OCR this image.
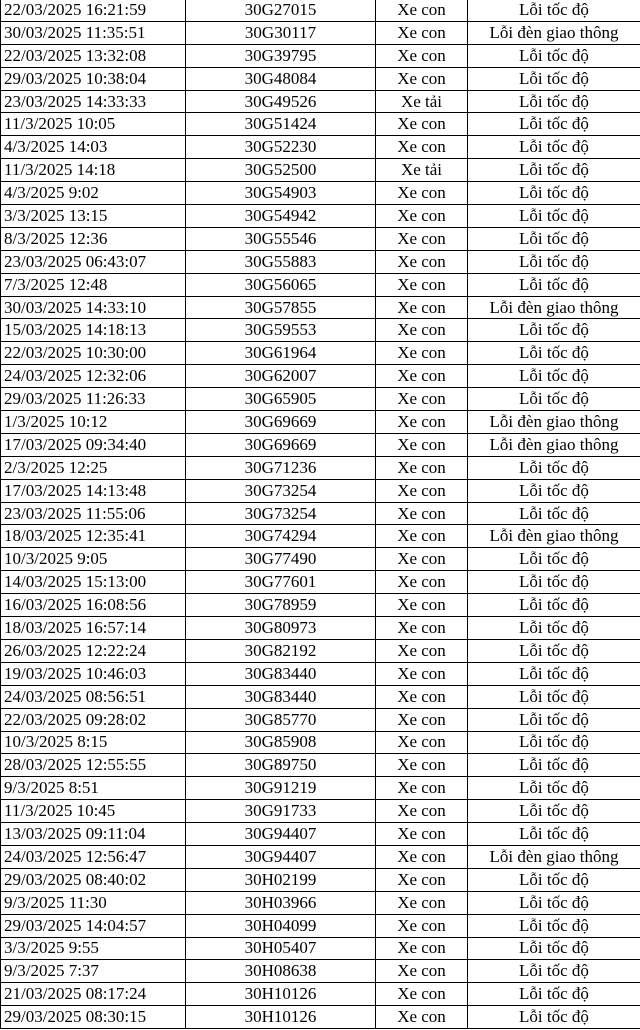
22/03/2025 16:21:59	30G27015	Xe con	Lỗi tốc độ
30/03/2025 11:35:51	30G30117	Xe con	Lỗi đèn giao thông
22/03/2025 13:32:08	30G39795	Xe con	Lỗi tốc độ
29/03/2025 10:38:04	30G48084	Xe con	Lỗi tốc độ
23/03/2025 14:33:33	30G49526	Xe tải	Lỗi tốc độ
11/3/2025 10:05	30G51424	Xe con	Lỗi tốc độ
4/3/2025 14:03	30G52230	Xe con	Lỗi tốc độ
11/3/2025 14:18	30G52500	Xe tải	Lỗi tốc độ
4/3/2025 9:02	30G54903	Xe con	Lỗi tốc độ
3/3/2025 13:15	30G54942	Xe con	Lỗi tốc độ
8/3/2025 12:36	30G55546	Xe con	Lỗi tốc độ
23/03/2025 06:43:07	30G55883	Xe con	Lỗi tốc độ
7/3/2025 12:48	30G56065	Xe con	Lỗi tốc độ
30/03/2025 14:33:10	30G57855	Xe con	Lỗi đèn giao thông
15/03/2025 14:18:13	30G59553	Xe con	Lỗi tốc độ
22/03/2025 10:30:00	30G61964	Xe con	Lỗi tốc độ
24/03/2025 12:32:06	30G62007	Xe con	Lỗi tốc độ
29/03/2025 11:26:33	30G65905	Xe con	Lỗi tốc độ
1/3/2025 10:12	30G69669	Xe con	Lỗi đèn giao thông
17/03/2025 09:34:40	30G69669	Xe con	Lỗi đèn giao thông
2/3/2025 12:25	30G71236	Xe con	Lỗi tốc độ
17/03/2025 14:13:48	30G73254	Xe con	Lỗi tốc độ
23/03/2025 11:55:06	30G73254	Xe con	Lỗi tốc độ
18/03/2025 12:35:41	30G74294	Xe con	Lỗi đèn giao thông
10/3/2025 9:05	30G77490	Xe con	Lỗi tốc độ
14/03/2025 15:13:00	30G77601	Xe con	Lỗi tốc độ
16/03/2025 16:08:56	30G78959	Xe con	Lỗi tốc độ
18/03/2025 16:57:14	30G80973	Xe con	Lỗi tốc độ
26/03/2025 12:22:24	30G82192	Xe con	Lỗi tốc độ
19/03/2025 10:46:03	30G83440	Xe con	Lỗi tốc độ
24/03/2025 08:56:51	30G83440	Xe con	Lỗi tốc độ
22/03/2025 09:28:02	30G85770	Xe con	Lỗi tốc độ
10/3/2025 8:15	30G85908	Xe con	Lỗi tốc độ
28/03/2025 12:55:55	30G89750	Xe con	Lỗi tốc độ
9/3/2025 8:51	30G91219	Xe con	Lỗi tốc độ
11/3/2025 10:45	30G91733	Xe con	Lỗi tốc độ
13/03/2025 09:11:04	30G94407	Xe con	Lỗi tốc độ
24/03/2025 12:56:47	30G94407	Xe con	Lỗi đèn giao thông
29/03/2025 08:40:02	30H02199	Xe con	Lỗi tốc độ
9/3/2025 11:30	30H03966	Xe con	Lỗi tốc độ
29/03/2025 14:04:57	30H04099	Xe con	Lỗi tốc độ
3/3/2025 9:55	30H05407	Xe con	Lỗi tốc độ
9/3/2025 7:37	30H08638	Xe con	Lỗi tốc độ
21/03/2025 08:17:24	30H10126	Xe con	Lỗi tốc độ
29/03/2025 08:30:15	30H10126	Xe con	Lỗi tốc độ
